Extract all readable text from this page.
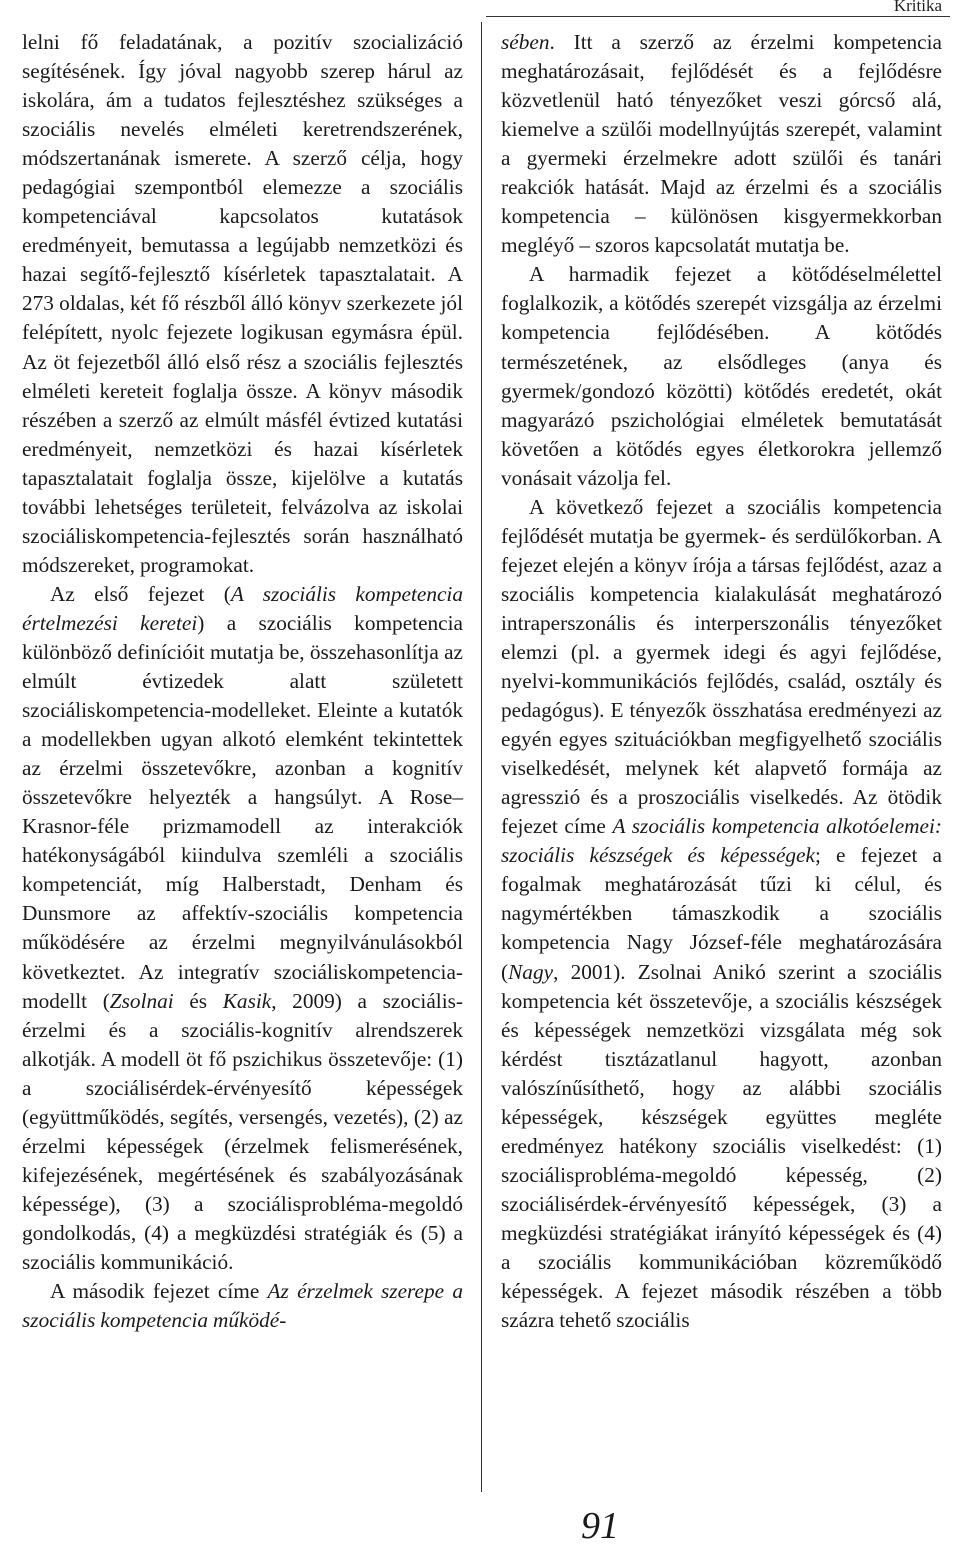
Kritika

lelni fő feladatának, a pozitív szocializáció segítésének. Így jóval nagyobb szerep hárul az iskolára, ám a tudatos fejlesztéshez szükséges a szociális nevelés elméleti keretrendszerének, módszertanának ismerete. A szerző célja, hogy pedagógiai szempontból elemezze a szociális kompetenciával kapcsolatos kutatások eredményeit, bemutassa a legújabb nemzetközi és hazai segítő-fejlesztő kísérletek tapasztalatait. A 273 oldalas, két fő részből álló könyv szerkezete jól felépített, nyolc fejezete logikusan egymásra épül. Az öt fejezetből álló első rész a szociális fejlesztés elméleti kereteit foglalja össze. A könyv második részében a szerző az elmúlt másfél évtized kutatási eredményeit, nemzetközi és hazai kísérletek tapasztalatait foglalja össze, kijelölve a kutatás további lehetséges területeit, felvázolva az iskolai szociáliskompetencia-fejlesztés során használható módszereket, programokat.

Az első fejezet (A szociális kompetencia értelmezési keretei) a szociális kompetencia különböző definícióit mutatja be, összehasonlítja az elmúlt évtizedek alatt született szociáliskompetencia-modelleket. Eleinte a kutatók a modellekben ugyan alkotó elemként tekintettek az érzelmi összetevőkre, azonban a kognitív összetevőkre helyezték a hangsúlyt. A Rose–Krasnor-féle prizmamodell az interakciók hatékonyságából kiindulva szemléli a szociális kompetenciát, míg Halberstadt, Denham és Dunsmore az affektív-szociális kompetencia működésére az érzelmi megnyilvánulásokból következtet. Az integratív szociáliskompetencia-modellt (Zsolnai és Kasik, 2009) a szociális-érzelmi és a szociális-kognitív alrendszerek alkotják. A modell öt fő pszichikus összetevője: (1) a szociálisérdek-érvényesítő képességek (együttműködés, segítés, versengés, vezetés), (2) az érzelmi képességek (érzelmek felismerésének, kifejezésének, megértésének és szabályozásának képessége), (3) a szociálisprobléma-megoldó gondolkodás, (4) a megküzdési stratégiák és (5) a szociális kommunikáció.

A második fejezet címe Az érzelmek szerepe a szociális kompetencia működé-

sében. Itt a szerző az érzelmi kompetencia meghatározásait, fejlődését és a fejlődésre közvetlenül ható tényezőket veszi górcső alá, kiemelve a szülői modellnyújtás szerepét, valamint a gyermeki érzelmekre adott szülői és tanári reakciók hatását. Majd az érzelmi és a szociális kompetencia – különösen kisgyermekkorban megléyő – szoros kapcsolatát mutatja be.

A harmadik fejezet a kötődéselmélettel foglalkozik, a kötődés szerepét vizsgálja az érzelmi kompetencia fejlődésében. A kötődés természetének, az elsődleges (anya és gyermek/gondozó közötti) kötődés eredetét, okát magyarázó pszichológiai elméletek bemutatását követően a kötődés egyes életkorokra jellemző vonásait vázolja fel.

A következő fejezet a szociális kompetencia fejlődését mutatja be gyermek- és serdülőkorban. A fejezet elején a könyv írója a társas fejlődést, azaz a szociális kompetencia kialakulását meghatározó intraperszonális és interperszonális tényezőket elemzi (pl. a gyermek idegi és agyi fejlődése, nyelvi-kommunikációs fejlődés, család, osztály és pedagógus). E tényezők összhatása eredményezi az egyén egyes szituációkban megfigyelhető szociális viselkedését, melynek két alapvető formája az agresszió és a proszociális viselkedés. Az ötödik fejezet címe A szociális kompetencia alkotóelemei: szociális készségek és képességek; e fejezet a fogalmak meghatározását tűzi ki célul, és nagymértékben támaszkodik a szociális kompetencia Nagy József-féle meghatározására (Nagy, 2001). Zsolnai Anikó szerint a szociális kompetencia két összetevője, a szociális készségek és képességek nemzetközi vizsgálata még sok kérdést tisztázatlanul hagyott, azonban valószínűsíthető, hogy az alábbi szociális képességek, készségek együttes megléte eredményez hatékony szociális viselkedést: (1) szociálisprobléma-megoldó képesség, (2) szociálisérdek-érvényesítő képességek, (3) a megküzdési stratégiákat irányító képességek és (4) a szociális kommunikációban közreműködő képességek. A fejezet második részében a több százra tehető szociális

91
